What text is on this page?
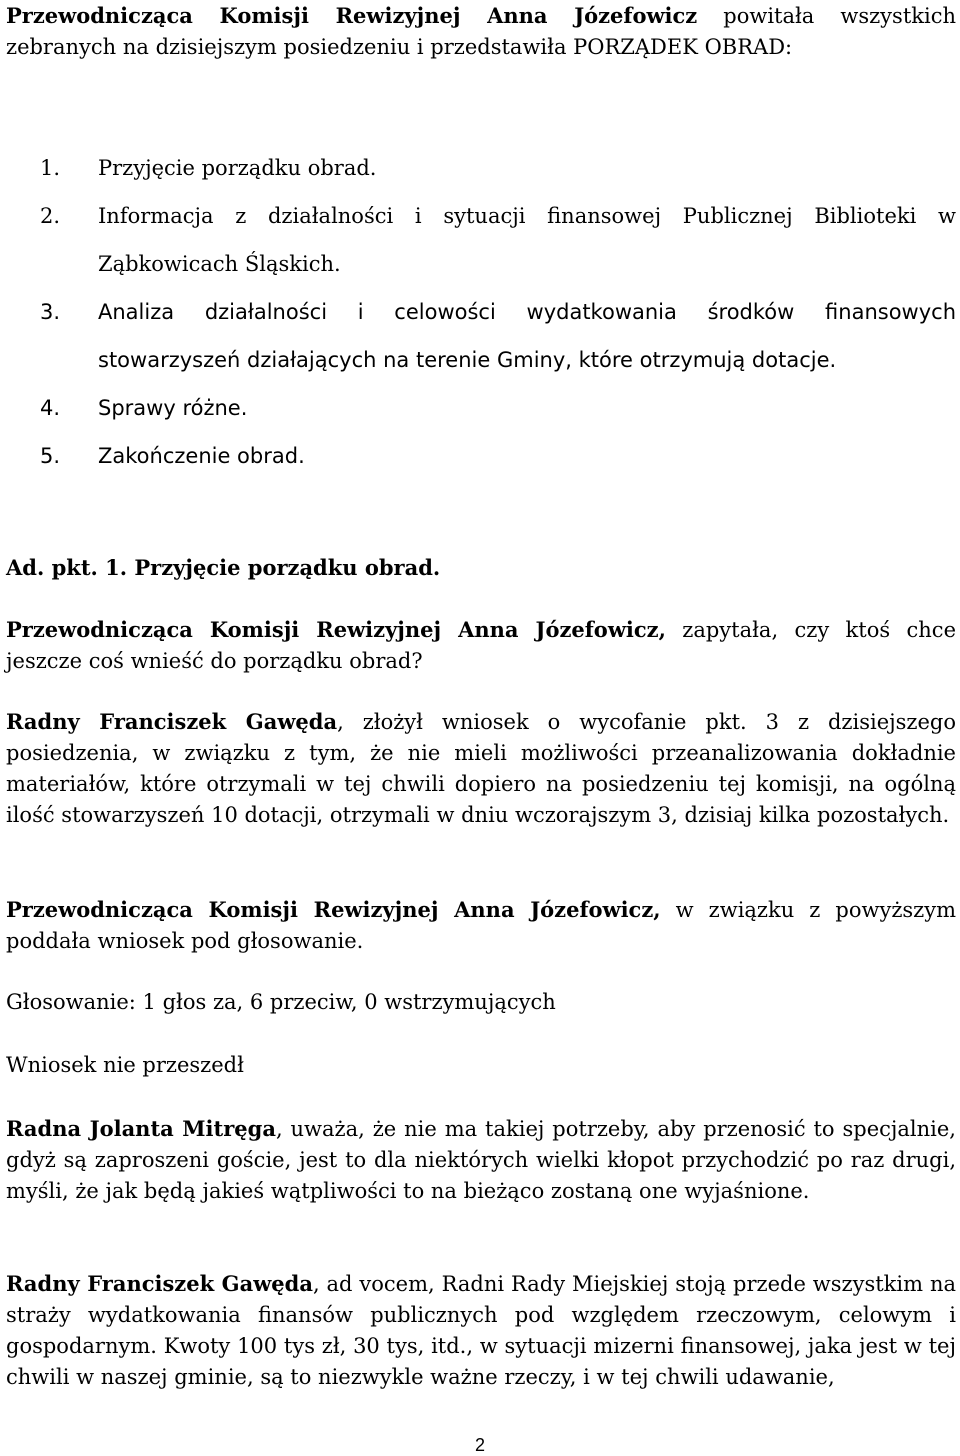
Przewodnicząca Komisji Rewizyjnej Anna Józefowicz powitała wszystkich zebranych na dzisiejszym posiedzeniu i przedstawiła PORZĄDEK OBRAD:

1. Przyjęcie porządku obrad.
2. Informacja z działalności i sytuacji finansowej Publicznej Biblioteki w Ząbkowicach Śląskich.
3. Analiza działalności i celowości wydatkowania środków finansowych stowarzyszeń działających na terenie Gminy, które otrzymują dotacje.
4. Sprawy różne.
5. Zakończenie obrad.

Ad. pkt. 1. Przyjęcie porządku obrad.

Przewodnicząca Komisji Rewizyjnej Anna Józefowicz, zapytała, czy ktoś chce jeszcze coś wnieść do porządku obrad?

Radny Franciszek Gawęda, złożył wniosek o wycofanie pkt. 3 z dzisiejszego posiedzenia, w związku z tym, że nie mieli możliwości przeanalizowania dokładnie materiałów, które otrzymali w tej chwili dopiero na posiedzeniu tej komisji, na ogólną ilość stowarzyszeń 10 dotacji, otrzymali w dniu wczorajszym 3, dzisiaj kilka pozostałych.

Przewodnicząca Komisji Rewizyjnej Anna Józefowicz, w związku z powyższym poddała wniosek pod głosowanie.

Głosowanie: 1 głos za, 6 przeciw, 0 wstrzymujących

Wniosek nie przeszedł

Radna Jolanta Mitręga, uważa, że nie ma takiej potrzeby, aby przenosić to specjalnie, gdyż są zaproszeni goście, jest to dla niektórych wielki kłopot przychodzić po raz drugi, myśli, że jak będą jakieś wątpliwości to na bieżąco zostaną one wyjaśnione.

Radny Franciszek Gawęda, ad vocem, Radni Rady Miejskiej stoją przede wszystkim na straży wydatkowania finansów publicznych pod względem rzeczowym, celowym i gospodarnym. Kwoty 100 tys zł, 30 tys, itd., w sytuacji mizerni finansowej, jaka jest w tej chwili w naszej gminie, są to niezwykle ważne rzeczy, i w tej chwili udawanie,

2
